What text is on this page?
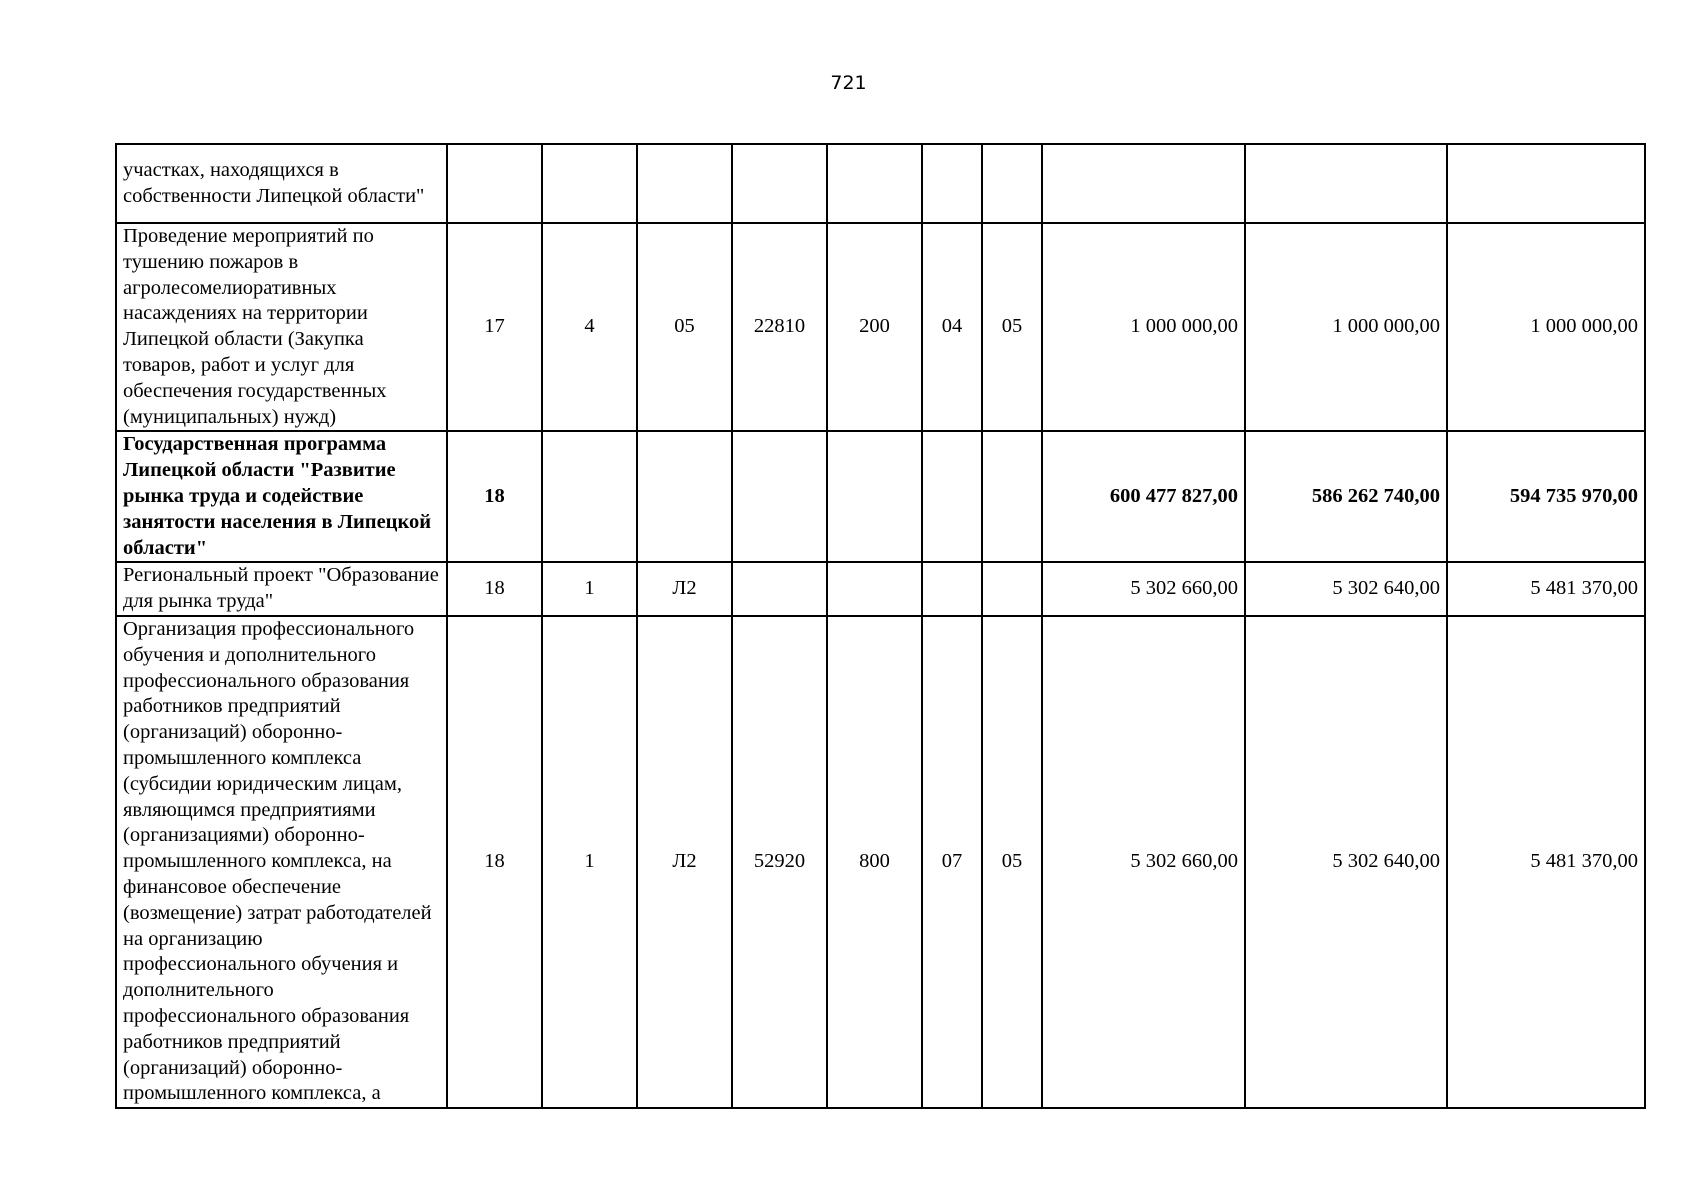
721
участках, находящихся в собственности Липецкой области"										
Проведение мероприятий по тушению пожаров в агролесомелиоративных насаждениях на территории Липецкой области (Закупка товаров, работ и услуг для обеспечения государственных (муниципальных) нужд)	17	4	05	22810	200	04	05	1 000 000,00	1 000 000,00	1 000 000,00
Государственная программа Липецкой области "Развитие рынка труда и содействие занятости населения в Липецкой области"	18							600 477 827,00	586 262 740,00	594 735 970,00
Региональный проект "Образование для рынка труда"	18	1	Л2					5 302 660,00	5 302 640,00	5 481 370,00
Организация профессионального обучения и дополнительного профессионального образования работников предприятий (организаций) оборонно-промышленного комплекса (субсидии юридическим лицам, являющимся предприятиями (организациями) оборонно-промышленного комплекса, на финансовое обеспечение (возмещение) затрат работодателей на организацию профессионального обучения и дополнительного профессионального образования работников предприятий (организаций) оборонно-промышленного комплекса, а	18	1	Л2	52920	800	07	05	5 302 660,00	5 302 640,00	5 481 370,00
